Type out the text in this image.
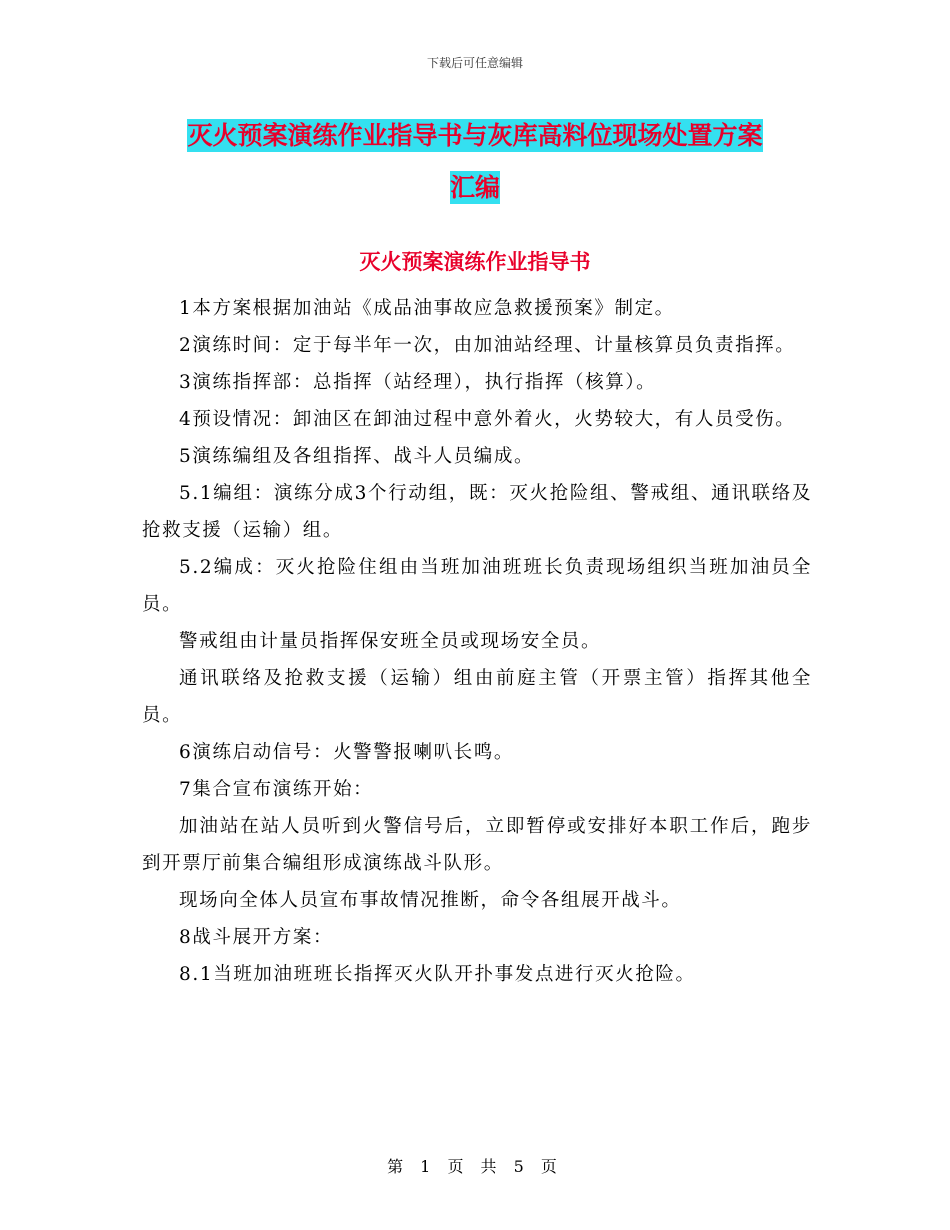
下载后可任意编辑
灭火预案演练作业指导书与灰库高料位现场处置方案
汇编
灭火预案演练作业指导书

1本方案根据加油站《成品油事故应急救援预案》制定。

2演练时间：定于每半年一次，由加油站经理、计量核算员负责指挥。

3演练指挥部：总指挥（站经理），执行指挥（核算）。

4预设情况：卸油区在卸油过程中意外着火，火势较大，有人员受伤。

5演练编组及各组指挥、战斗人员编成。

5.1编组：演练分成3个行动组，既：灭火抢险组、警戒组、通讯联络及抢救支援（运输）组。

5.2编成：灭火抢险住组由当班加油班班长负责现场组织当班加油员全员。

警戒组由计量员指挥保安班全员或现场安全员。

通讯联络及抢救支援（运输）组由前庭主管（开票主管）指挥其他全员。

6演练启动信号：火警警报喇叭长鸣。

7集合宣布演练开始：

加油站在站人员听到火警信号后，立即暂停或安排好本职工作后，跑步到开票厅前集合编组形成演练战斗队形。

现场向全体人员宣布事故情况推断，命令各组展开战斗。

8战斗展开方案：

8.1当班加油班班长指挥灭火队开扑事发点进行灭火抢险。

第 1 页 共 5 页
